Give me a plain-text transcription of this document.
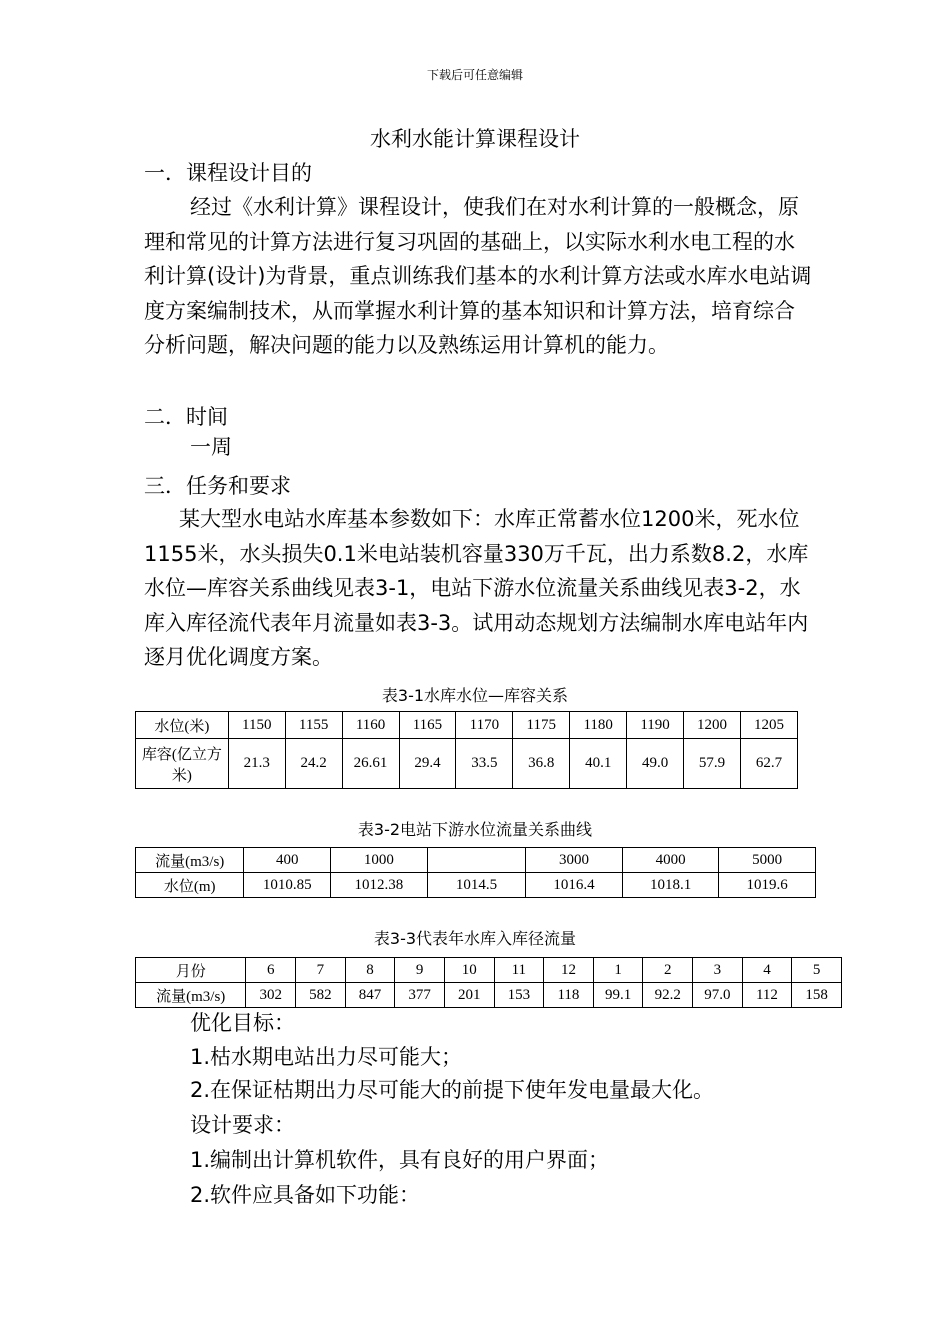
下载后可任意编辑
水利水能计算课程设计
一．课程设计目的
经过《水利计算》课程设计，使我们在对水利计算的一般概念，原理和常见的计算方法进行复习巩固的基础上，以实际水利水电工程的水利计算(设计)为背景，重点训练我们基本的水利计算方法或水库水电站调度方案编制技术，从而掌握水利计算的基本知识和计算方法，培育综合分析问题，解决问题的能力以及熟练运用计算机的能力。
二．时间
一周
三．任务和要求
某大型水电站水库基本参数如下：水库正常蓄水位1200米，死水位1155米，水头损失0.1米电站装机容量330万千瓦，出力系数8.2，水库水位—库容关系曲线见表3-1，电站下游水位流量关系曲线见表3-2，水库入库径流代表年月流量如表3-3。试用动态规划方法编制水库电站年内逐月优化调度方案。
表3-1水库水位—库容关系
水位(米)	1150	1155	1160	1165	1170	1175	1180	1190	1200	1205
库容(亿立方米)	21.3	24.2	26.61	29.4	33.5	36.8	40.1	49.0	57.9	62.7
表3-2电站下游水位流量关系曲线
流量(m3/s)	400	1000		3000	4000	5000
水位(m)	1010.85	1012.38	1014.5	1016.4	1018.1	1019.6
表3-3代表年水库入库径流量
月份	6	7	8	9	10	11	12	1	2	3	4	5
流量(m3/s)	302	582	847	377	201	153	118	99.1	92.2	97.0	112	158
优化目标：
1.枯水期电站出力尽可能大；
2.在保证枯期出力尽可能大的前提下使年发电量最大化。
设计要求：
1.编制出计算机软件，具有良好的用户界面；
2.软件应具备如下功能：
